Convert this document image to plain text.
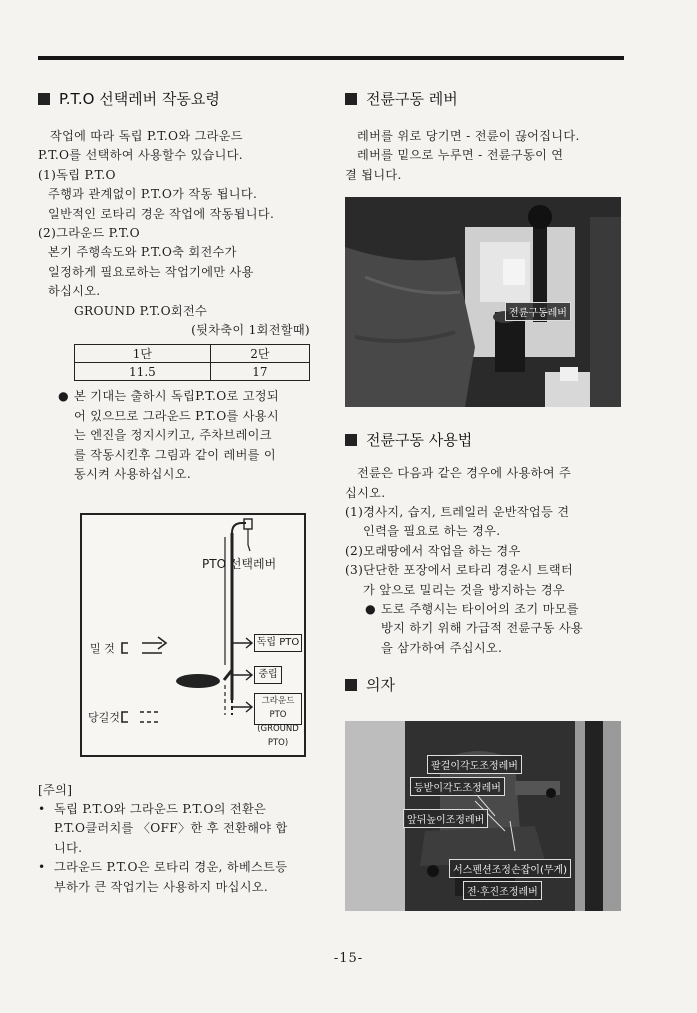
P.T.O 선택레버 작동요령

작업에 따라 독립 P.T.O와 그라운드

P.T.O를 선택하여 사용할수 있습니다.

(1)독립 P.T.O

주행과 관계없이 P.T.O가 작동 됩니다.

일반적인 로타리 경운 작업에 작동됩니다.

(2)그라운드 P.T.O

본기 주행속도와 P.T.O축 회전수가

일정하게 필요로하는 작업기에만 사용

하십시오.

GROUND P.T.O회전수

(뒷차축이 1회전할때)

1단	2단
11.5	17
● 본 기대는 출하시 독립P.T.O로 고정되

어 있으므로 그라운드 P.T.O를 사용시

는 엔진을 정지시키고, 주차브레이크

를 작동시킨후 그림과 같이 레버를 이

동시켜 사용하십시오.

PTO 선택레버
밀 것
당길것
독립 PTO
중립
그라운드 PTO
(GROUND PTO)

[주의]

• 독립 P.T.O와 그라운드 P.T.O의 전환은

P.T.O클러치를 〈OFF〉한 후 전환해야 합

니다.

• 그라운드 P.T.O은 로타리 경운, 하베스트등

부하가 큰 작업기는 사용하지 마십시오.

전륜구동 레버

레버를 위로 당기면 - 전륜이 끊어집니다.

레버를 밑으로 누루면 - 전륜구동이 연

결 됩니다.

전륜구동레버
전륜구동 사용법

전륜은 다음과 같은 경우에 사용하여 주

십시오.

(1)경사지, 습지, 트레일러 운반작업등 견

인력을 필요로 하는 경우.

(2)모래땅에서 작업을 하는 경우

(3)단단한 포장에서 로타리 경운시 트랙터

가 앞으로 밀리는 것을 방지하는 경우

● 도로 주행시는 타이어의 조기 마모를

방지 하기 위해 가급적 전륜구동 사용

을 삼가하여 주십시오.

의자
팔걸이각도조정레버
등받이각도조정레버
앞뒤높이조정레버
서스펜션조정손잡이(무게)
전·후진조정레버
-15-
